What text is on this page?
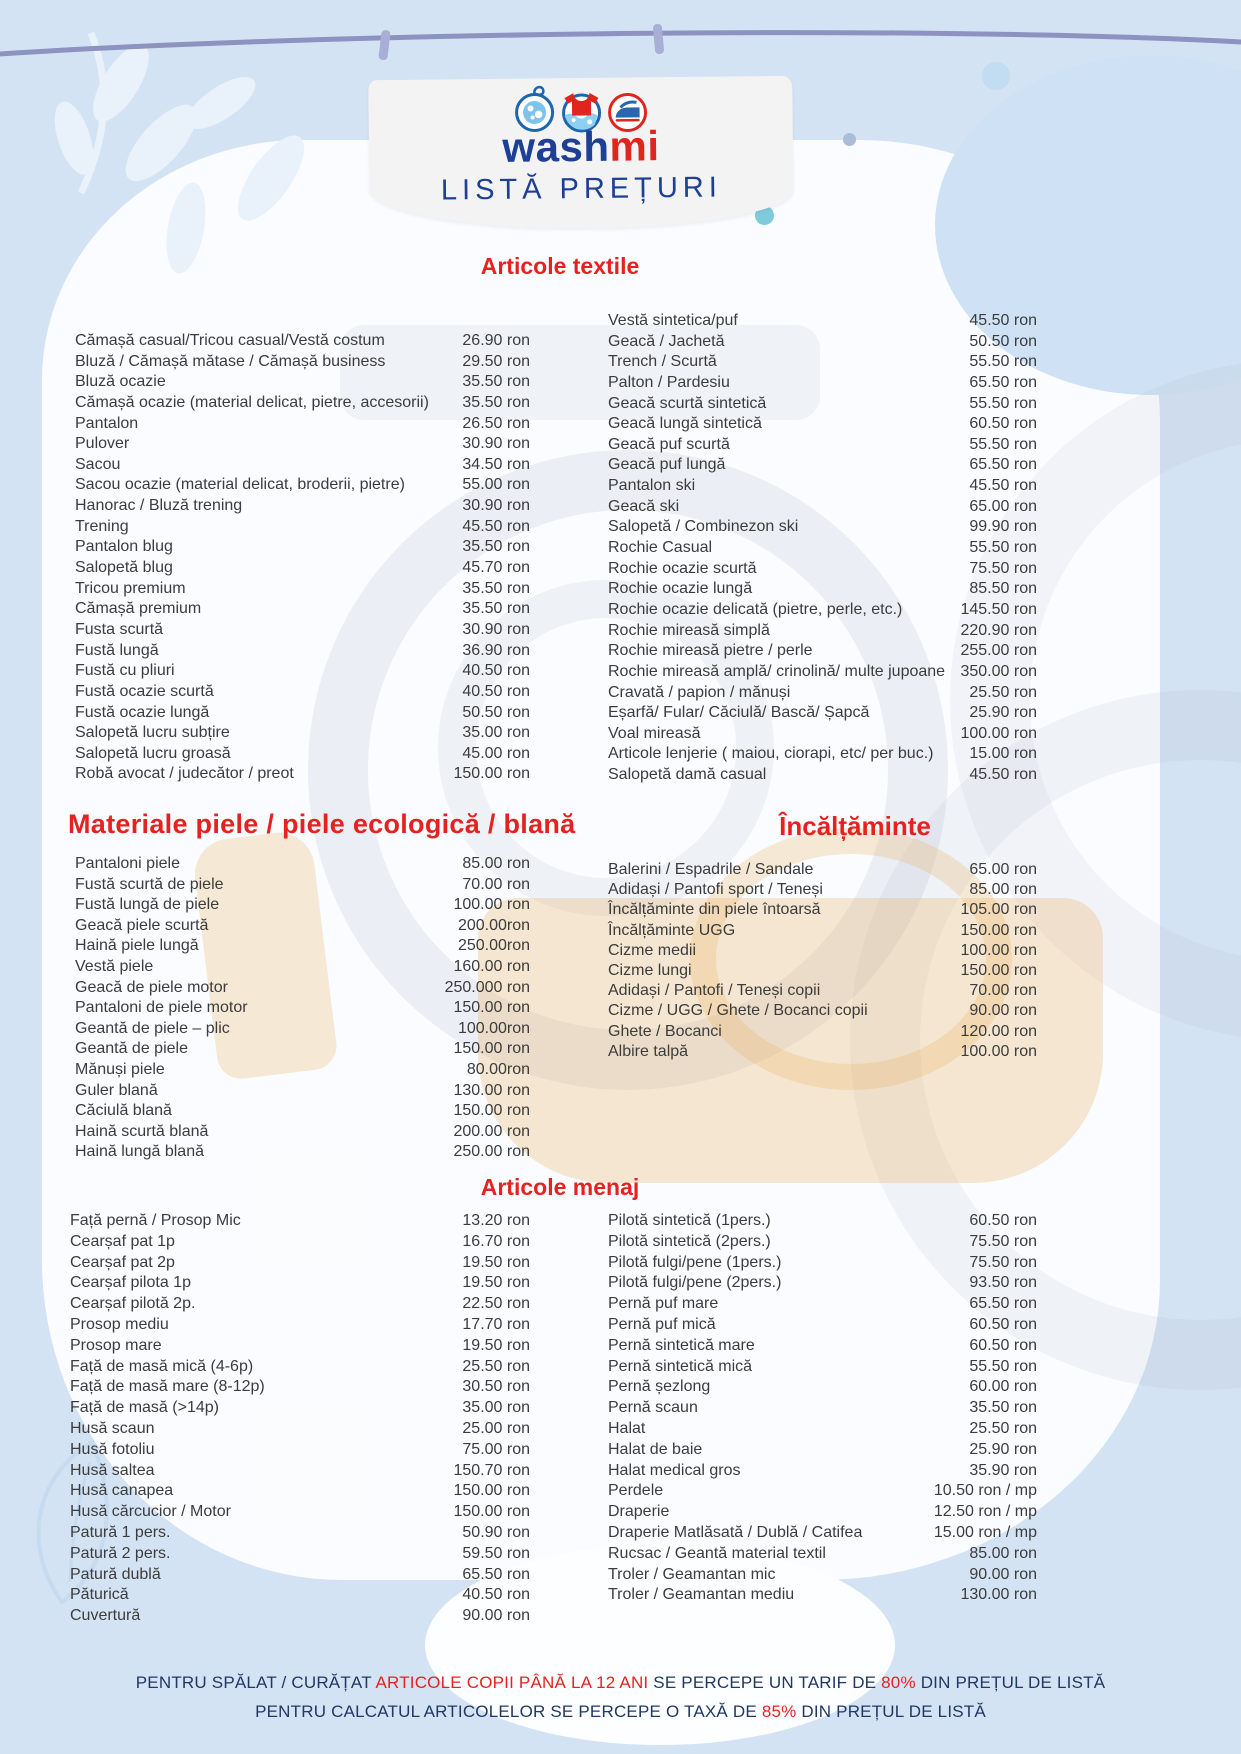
washmi
LISTĂ PREȚURI
Articole textile
Cămașă casual/Tricou casual/Vestă costum	26.90 ron
Bluză / Cămașă mătase / Cămașă business	29.50 ron
Bluză ocazie	35.50 ron
Cămașă ocazie (material delicat, pietre, accesorii)	35.50 ron
Pantalon	26.50 ron
Pulover	30.90 ron
Sacou	34.50 ron
Sacou ocazie (material delicat, broderii, pietre)	55.00 ron
Hanorac / Bluză trening	30.90 ron
Trening	45.50 ron
Pantalon blug	35.50 ron
Salopetă blug	45.70 ron
Tricou premium	35.50 ron
Cămașă premium	35.50 ron
Fusta scurtă	30.90 ron
Fustă lungă	36.90 ron
Fustă cu pliuri	40.50 ron
Fustă ocazie scurtă	40.50 ron
Fustă ocazie lungă	50.50 ron
Salopetă lucru subțire	35.00 ron
Salopetă lucru groasă	45.00 ron
Robă avocat / judecător / preot	150.00 ron
Vestă sintetica/puf	45.50 ron
Geacă / Jachetă	50.50 ron
Trench / Scurtă	55.50 ron
Palton / Pardesiu	65.50 ron
Geacă scurtă sintetică	55.50 ron
Geacă lungă sintetică	60.50 ron
Geacă puf scurtă	55.50 ron
Geacă puf lungă	65.50 ron
Pantalon ski	45.50 ron
Geacă ski	65.00 ron
Salopetă / Combinezon ski	99.90 ron
Rochie Casual	55.50 ron
Rochie ocazie scurtă	75.50 ron
Rochie ocazie lungă	85.50 ron
Rochie ocazie delicată (pietre, perle, etc.)	145.50 ron
Rochie mireasă simplă	220.90 ron
Rochie mireasă pietre / perle	255.00 ron
Rochie mireasă amplă/ crinolină/ multe jupoane 350.00 ron
Cravată / papion / mănuși	25.50 ron
Eșarfă/ Fular/ Căciulă/ Bască/ Șapcă	25.90 ron
Voal mireasă	100.00 ron
Articole lenjerie ( maiou, ciorapi, etc/ per buc.)	15.00 ron
Salopetă damă casual	45.50 ron
Materiale piele / piele ecologică / blană
Pantaloni piele	85.00 ron
Fustă scurtă de piele	70.00 ron
Fustă lungă de piele	100.00 ron
Geacă piele scurtă	200.00ron
Haină piele lungă	250.00ron
Vestă piele	160.00 ron
Geacă de piele motor	250.000 ron
Pantaloni de piele motor	150.00 ron
Geantă de piele – plic	100.00ron
Geantă de piele	150.00 ron
Mănuși piele	80.00ron
Guler blană	130.00 ron
Căciulă blană	150.00 ron
Haină scurtă blană	200.00 ron
Haină lungă blană	250.00 ron
Încălțăminte
Balerini / Espadrile / Sandale	65.00 ron
Adidași / Pantofi sport / Teneși	85.00 ron
Încălțăminte din piele întoarsă	105.00 ron
Încălțăminte UGG	150.00 ron
Cizme medii	100.00 ron
Cizme lungi	150.00 ron
Adidași / Pantofi / Teneși copii	70.00 ron
Cizme / UGG / Ghete / Bocanci copii	90.00 ron
Ghete / Bocanci	120.00 ron
Albire talpă	100.00 ron
Articole menaj
Față pernă / Prosop Mic	13.20 ron
Cearșaf pat 1p	16.70 ron
Cearșaf pat 2p	19.50 ron
Cearșaf pilota 1p	19.50 ron
Cearșaf pilotă 2p.	22.50 ron
Prosop mediu	17.70 ron
Prosop mare	19.50 ron
Față de masă mică (4-6p)	25.50 ron
Față de masă mare (8-12p)	30.50 ron
Față de masă (>14p)	35.00 ron
Husă scaun	25.00 ron
Husă fotoliu	75.00 ron
Husă saltea	150.70 ron
Husă canapea	150.00 ron
Husă cărcucior / Motor	150.00 ron
Patură 1 pers.	50.90 ron
Patură 2 pers.	59.50 ron
Patură dublă	65.50 ron
Păturică	40.50 ron
Cuvertură	90.00 ron
Pilotă sintetică (1pers.)	60.50 ron
Pilotă sintetică (2pers.)	75.50 ron
Pilotă fulgi/pene (1pers.)	75.50 ron
Pilotă fulgi/pene (2pers.)	93.50 ron
Pernă puf mare	65.50 ron
Pernă puf mică	60.50 ron
Pernă sintetică mare	60.50 ron
Pernă sintetică mică	55.50 ron
Pernă șezlong	60.00 ron
Pernă scaun	35.50 ron
Halat	25.50 ron
Halat de baie	25.90 ron
Halat medical gros	35.90 ron
Perdele	10.50 ron / mp
Draperie	12.50 ron / mp
Draperie Matlăsată / Dublă / Catifea	15.00 ron / mp
Rucsac / Geantă material textil	85.00 ron
Troler / Geamantan mic	90.00 ron
Troler / Geamantan mediu	130.00 ron
PENTRU SPĂLAT / CURĂȚAT ARTICOLE COPII PÂNĂ LA 12 ANI SE PERCEPE UN TARIF DE 80% DIN PREȚUL DE LISTĂ
PENTRU CALCATUL ARTICOLELOR SE PERCEPE O TAXĂ DE 85% DIN PREȚUL DE LISTĂ
